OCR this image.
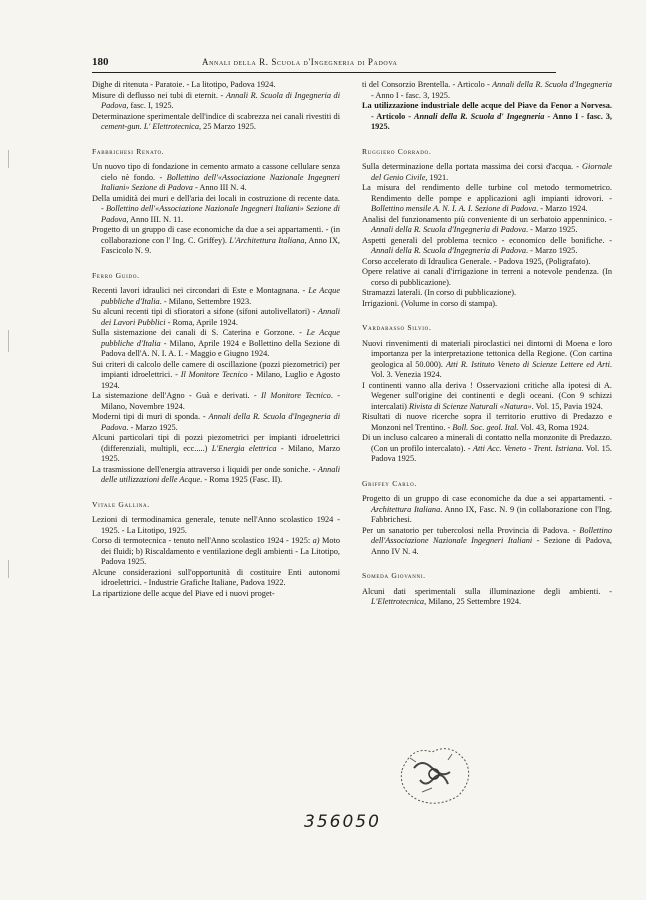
180	Annali della R. Scuola d'Ingegneria di Padova

Dighe di ritenuta - Paratoie. - La litotipo, Padova 1924.

Misure di deflusso nei tubi di eternit. - Annali R. Scuola di Ingegneria di Padova, fasc. I, 1925.

Determinazione sperimentale dell'indice di scabrezza nei canali rivestiti di cement-gun. L' Elettrotecnica, 25 Marzo 1925.

Fabbrichesi Renato.

Un nuovo tipo di fondazione in cemento armato a cassone cellulare senza cielo nè fondo. - Bollettino dell'«Associazione Nazionale Ingegneri Italiani» Sezione di Padova - Anno III N. 4.

Della umidità dei muri e dell'aria dei locali in costruzione di recente data. - Bollettino dell'«Associazione Nazionale Ingegneri Italiani» Sezione di Padova, Anno III. N. 11.

Progetto di un gruppo di case economiche da due a sei appartamenti. - (in collaborazione con l' Ing. C. Griffey). L'Architettura Italiana, Anno IX, Fascicolo N. 9.

Ferro Guido.

Recenti lavori idraulici nei circondari di Este e Montagnana. - Le Acque pubbliche d'Italia. - Milano, Settembre 1923.

Su alcuni recenti tipi di sfioratori a sifone (sifoni autolivellatori) - Annali dei Lavori Pubblici - Roma, Aprile 1924.

Sulla sistemazione dei canali di S. Caterina e Gorzone. - Le Acque pubbliche d'Italia - Milano, Aprile 1924 e Bollettino della Sezione di Padova dell'A. N. I. A. I. - Maggio e Giugno 1924.

Sui criteri di calcolo delle camere di oscillazione (pozzi piezometrici) per impianti idroelettrici. - Il Monitore Tecnico - Milano, Luglio e Agosto 1924.

La sistemazione dell'Agno - Guà e derivati. - Il Monitore Tecnico. - Milano, Novembre 1924.

Moderni tipi di muri di sponda. - Annali della R. Scuola d'Ingegneria di Padova. - Marzo 1925.

Alcuni particolari tipi di pozzi piezometrici per impianti idroelettrici (differenziali, multipli, ecc.....) L'Energia elettrica - Milano, Marzo 1925.

La trasmissione dell'energia attraverso i liquidi per onde soniche. - Annali delle utilizzazioni delle Acque. - Roma 1925 (Fasc. II).

Vitale Gallina.

Lezioni di termodinamica generale, tenute nell'Anno scolastico 1924 - 1925. - La Litotipo, 1925.

Corso di termotecnica - tenuto nell'Anno scolastico 1924 - 1925: a) Moto dei fluidi; b) Riscaldamento e ventilazione degli ambienti - La Litotipo, Padova 1925.

Alcune considerazioni sull'opportunità di costituire Enti autonomi idroelettrici. - Industrie Grafiche Italiane, Padova 1922.

La ripartizione delle acque del Piave ed i nuovi proget-

ti del Consorzio Brentella. - Articolo - Annali della R. Scuola d'Ingegneria - Anno I - fasc. 3, 1925.

La utilizzazione industriale delle acque del Piave da Fenor a Norvesa. - Articolo - Annali della R. Scuola d' Ingegneria - Anno I - fasc. 3, 1925.

Ruggiero Corrado.

Sulla determinazione della portata massima dei corsi d'acqua. - Giornale del Genio Civile, 1921.

La misura del rendimento delle turbine col metodo termometrico. Rendimento delle pompe e applicazioni agli impianti idrovori. - Bollettino mensile A. N. I. A. I. Sezione di Padova. - Marzo 1924.

Analisi del funzionamento più conveniente di un serbatoio appenninico. - Annali della R. Scuola d'Ingegneria di Padova. - Marzo 1925.

Aspetti generali del problema tecnico - economico delle bonifiche. - Annali della R. Scuola d'Ingegneria di Padova. - Marzo 1925.

Corso accelerato di Idraulica Generale. - Padova 1925, (Poligrafato).

Opere relative ai canali d'irrigazione in terreni a notevole pendenza. (In corso di pubblicazione).

Stramazzi laterali. (In corso di pubblicazione).

Irrigazioni. (Volume in corso di stampa).

Vardabasso Silvio.

Nuovi rinvenimenti di materiali piroclastici nei dintorni di Moena e loro importanza per la interpretazione tettonica della Regione. (Con cartina geologica al 50.000). Atti R. Istituto Veneto di Scienze Lettere ed Arti. Vol. 3. Venezia 1924.

I continenti vanno alla deriva ! Osservazioni critiche alla ipotesi di A. Wegener sull'origine dei continenti e degli oceani. (Con 9 schizzi intercalati) Rivista di Scienze Naturali «Natura». Vol. 15, Pavia 1924.

Risultati di nuove ricerche sopra il territorio eruttivo di Predazzo e Monzoni nel Trentino. - Boll. Soc. geol. Ital. Vol. 43, Roma 1924.

Di un incluso calcareo a minerali di contatto nella monzonite di Predazzo. (Con un profilo intercalato). - Atti Acc. Veneto - Trent. Istriana. Vol. 15. Padova 1925.

Griffey Carlo.

Progetto di un gruppo di case economiche da due a sei appartamenti. - Architettura Italiana. Anno IX, Fasc. N. 9 (in collaborazione con l'Ing. Fabbrichesi.

Per un sanatorio per tubercolosi nella Provincia di Padova. - Bollettino dell'Associazione Nazionale Ingegneri Italiani - Sezione di Padova, Anno IV N. 4.

Someda Giovanni.

Alcuni dati sperimentali sulla illuminazione degli ambienti. - L'Elettrotecnica, Milano, 25 Settembre 1924.

356050
